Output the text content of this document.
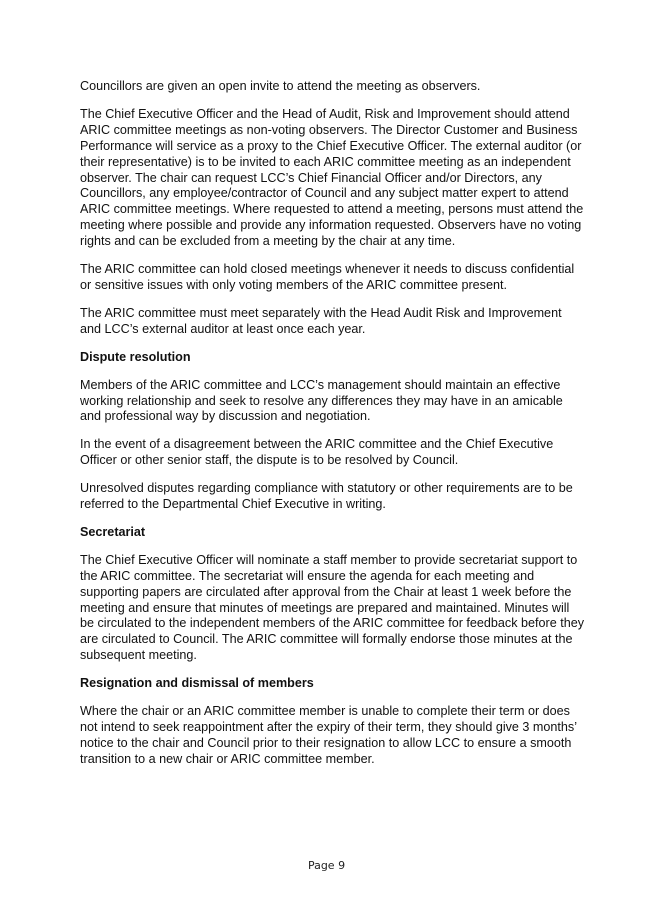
Councillors are given an open invite to attend the meeting as observers.

The Chief Executive Officer and the Head of Audit, Risk and Improvement should attend ARIC committee meetings as non-voting observers. The Director Customer and Business Performance will service as a proxy to the Chief Executive Officer. The external auditor (or their representative) is to be invited to each ARIC committee meeting as an independent observer. The chair can request LCC’s Chief Financial Officer and/or Directors, any Councillors, any employee/contractor of Council and any subject matter expert to attend ARIC committee meetings. Where requested to attend a meeting, persons must attend the meeting where possible and provide any information requested. Observers have no voting rights and can be excluded from a meeting by the chair at any time.

The ARIC committee can hold closed meetings whenever it needs to discuss confidential or sensitive issues with only voting members of the ARIC committee present.

The ARIC committee must meet separately with the Head Audit Risk and Improvement and LCC’s external auditor at least once each year.

Dispute resolution

Members of the ARIC committee and LCC’s management should maintain an effective working relationship and seek to resolve any differences they may have in an amicable and professional way by discussion and negotiation.

In the event of a disagreement between the ARIC committee and the Chief Executive Officer or other senior staff, the dispute is to be resolved by Council.

Unresolved disputes regarding compliance with statutory or other requirements are to be referred to the Departmental Chief Executive in writing.

Secretariat

The Chief Executive Officer will nominate a staff member to provide secretariat support to the ARIC committee. The secretariat will ensure the agenda for each meeting and supporting papers are circulated after approval from the Chair at least 1 week before the meeting and ensure that minutes of meetings are prepared and maintained. Minutes will be circulated to the independent members of the ARIC committee for feedback before they are circulated to Council. The ARIC committee will formally endorse those minutes at the subsequent meeting.

Resignation and dismissal of members

Where the chair or an ARIC committee member is unable to complete their term or does not intend to seek reappointment after the expiry of their term, they should give 3 months’ notice to the chair and Council prior to their resignation to allow LCC to ensure a smooth transition to a new chair or ARIC committee member.

Page 9
